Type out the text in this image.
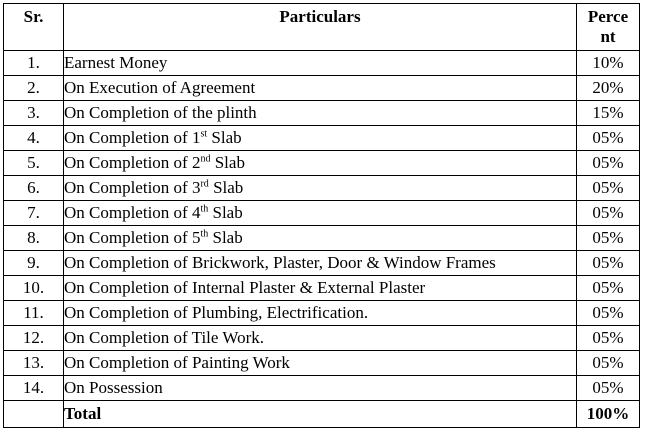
Sr.	Particulars	Percent
1.	Earnest Money	10%
2.	On Execution of Agreement	20%
3.	On Completion of the plinth	15%
4.	On Completion of 1st Slab	05%
5.	On Completion of 2nd Slab	05%
6.	On Completion of 3rd Slab	05%
7.	On Completion of 4th Slab	05%
8.	On Completion of 5th Slab	05%
9.	On Completion of Brickwork, Plaster, Door & Window Frames	05%
10.	On Completion of Internal Plaster & External Plaster	05%
11.	On Completion of Plumbing, Electrification.	05%
12.	On Completion of Tile Work.	05%
13.	On Completion of Painting Work	05%
14.	On Possession	05%
	Total	100%
